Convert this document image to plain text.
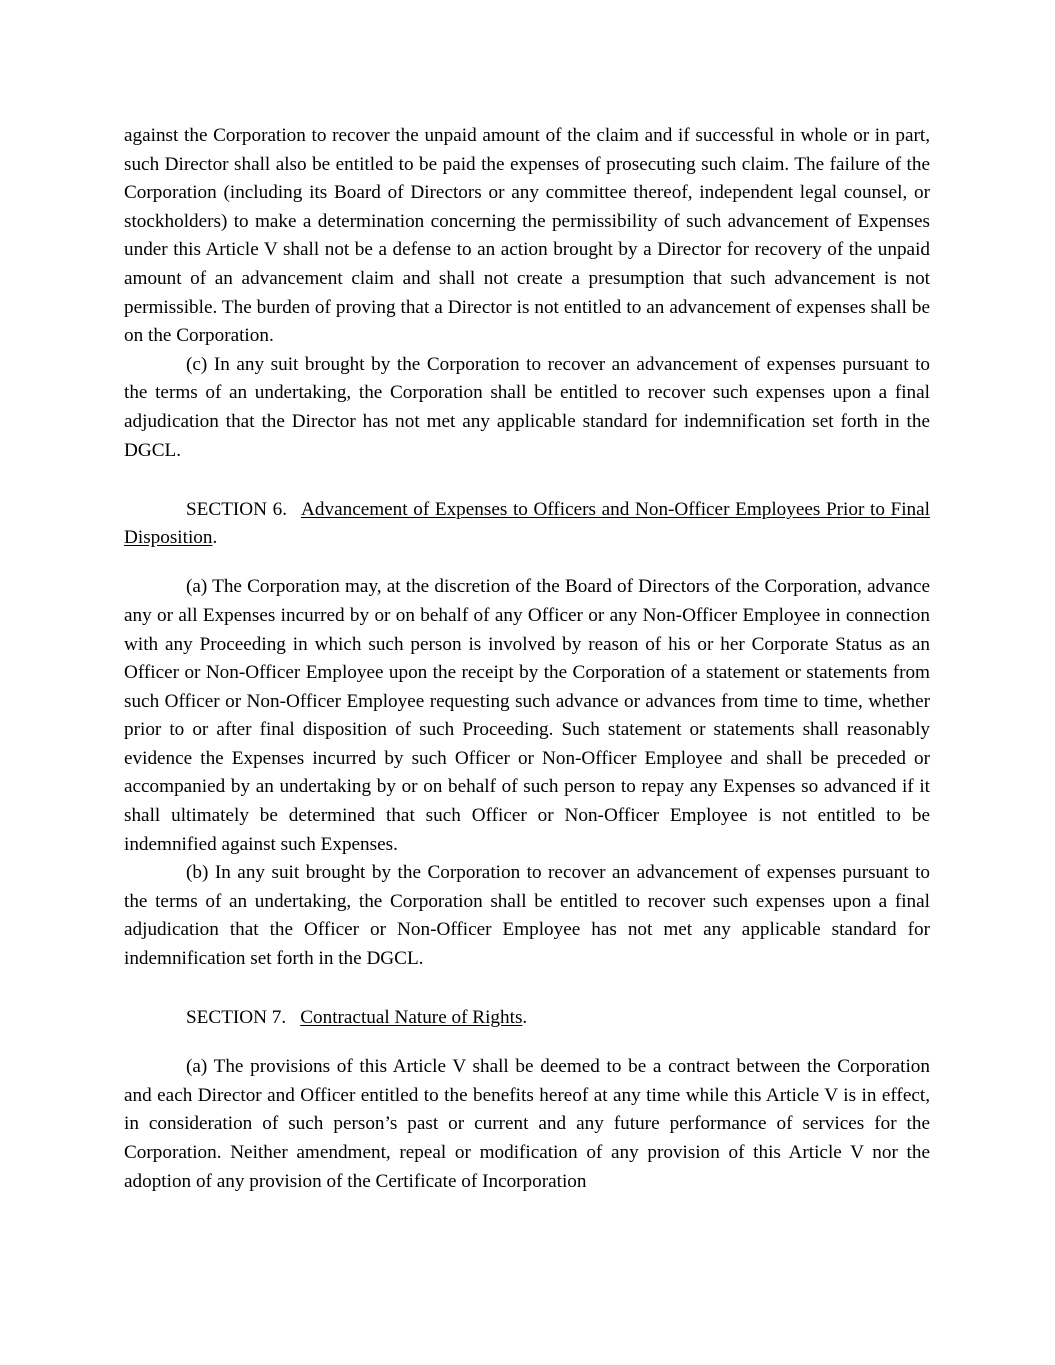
against the Corporation to recover the unpaid amount of the claim and if successful in whole or in part, such Director shall also be entitled to be paid the expenses of prosecuting such claim. The failure of the Corporation (including its Board of Directors or any committee thereof, independent legal counsel, or stockholders) to make a determination concerning the permissibility of such advancement of Expenses under this Article V shall not be a defense to an action brought by a Director for recovery of the unpaid amount of an advancement claim and shall not create a presumption that such advancement is not permissible. The burden of proving that a Director is not entitled to an advancement of expenses shall be on the Corporation.

(c) In any suit brought by the Corporation to recover an advancement of expenses pursuant to the terms of an undertaking, the Corporation shall be entitled to recover such expenses upon a final adjudication that the Director has not met any applicable standard for indemnification set forth in the DGCL.

SECTION 6. Advancement of Expenses to Officers and Non-Officer Employees Prior to Final Disposition.

(a) The Corporation may, at the discretion of the Board of Directors of the Corporation, advance any or all Expenses incurred by or on behalf of any Officer or any Non-Officer Employee in connection with any Proceeding in which such person is involved by reason of his or her Corporate Status as an Officer or Non-Officer Employee upon the receipt by the Corporation of a statement or statements from such Officer or Non-Officer Employee requesting such advance or advances from time to time, whether prior to or after final disposition of such Proceeding. Such statement or statements shall reasonably evidence the Expenses incurred by such Officer or Non-Officer Employee and shall be preceded or accompanied by an undertaking by or on behalf of such person to repay any Expenses so advanced if it shall ultimately be determined that such Officer or Non-Officer Employee is not entitled to be indemnified against such Expenses.

(b) In any suit brought by the Corporation to recover an advancement of expenses pursuant to the terms of an undertaking, the Corporation shall be entitled to recover such expenses upon a final adjudication that the Officer or Non-Officer Employee has not met any applicable standard for indemnification set forth in the DGCL.

SECTION 7. Contractual Nature of Rights.

(a) The provisions of this Article V shall be deemed to be a contract between the Corporation and each Director and Officer entitled to the benefits hereof at any time while this Article V is in effect, in consideration of such person’s past or current and any future performance of services for the Corporation. Neither amendment, repeal or modification of any provision of this Article V nor the adoption of any provision of the Certificate of Incorporation
